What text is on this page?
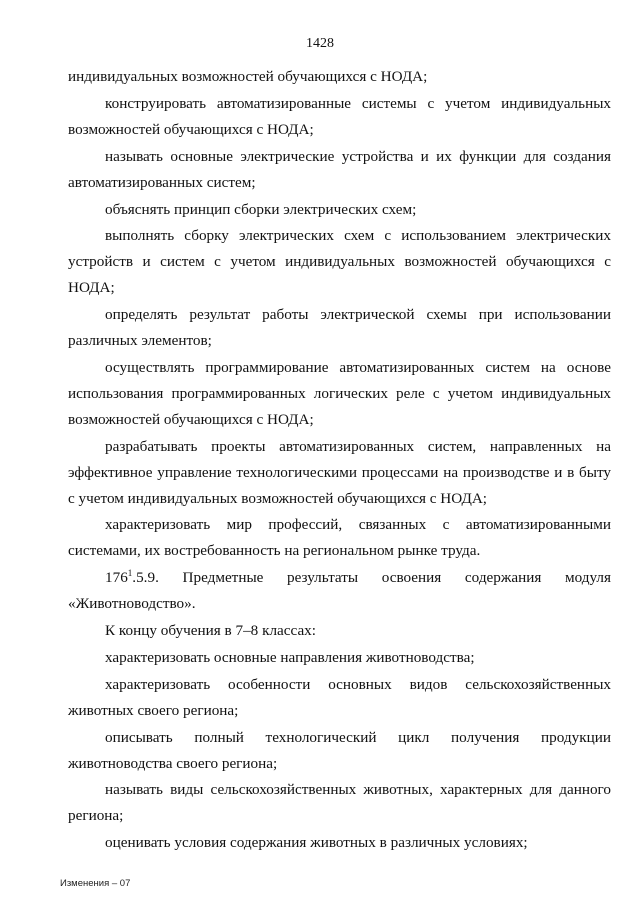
1428

индивидуальных возможностей обучающихся с НОДА;

конструировать автоматизированные системы с учетом индивидуальных возможностей обучающихся с НОДА;

называть основные электрические устройства и их функции для создания автоматизированных систем;

объяснять принцип сборки электрических схем;

выполнять сборку электрических схем с использованием электрических устройств и систем с учетом индивидуальных возможностей обучающихся с НОДА;

определять результат работы электрической схемы при использовании различных элементов;

осуществлять программирование автоматизированных систем на основе использования программированных логических реле с учетом индивидуальных возможностей обучающихся с НОДА;

разрабатывать проекты автоматизированных систем, направленных на эффективное управление технологическими процессами на производстве и в быту с учетом индивидуальных возможностей обучающихся с НОДА;

характеризовать мир профессий, связанных с автоматизированными системами, их востребованность на региональном рынке труда.

$176^1.5.9$. Предметные результаты освоения содержания модуля «Животноводство».

К концу обучения в 7–8 классах:

характеризовать основные направления животноводства;

характеризовать особенности основных видов сельскохозяйственных животных своего региона;

описывать полный технологический цикл получения продукции животноводства своего региона;

называть виды сельскохозяйственных животных, характерных для данного региона;

оценивать условия содержания животных в различных условиях;

Изменения – 07
